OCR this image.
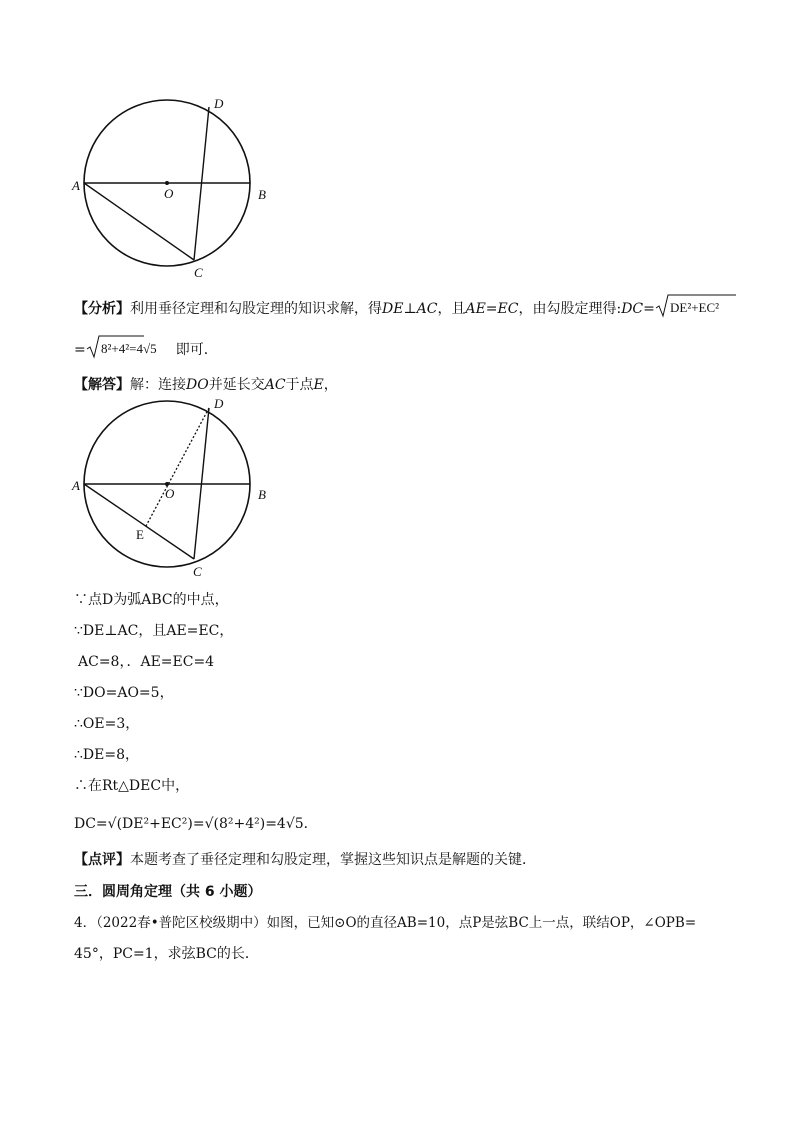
A
B
C
D
O
【分析】利用垂径定理和勾股定理的知识求解，得DE⊥AC，且AE=EC，由勾股定理得:DC= DE²+EC²
= 8²+4²=4√5 即可．
【解答】解：连接DO并延长交AC于点E，
A
B
C
D
O
E
∵点D为弧ABC的中点，
∵DE⊥AC，且AE=EC，
AC=8，．AE=EC=4
∵DO=AO=5，
∴OE=3，
∴DE=8，
∴在Rt△DEC中，
DC=√(DE²+EC²)=√(8²+4²)=4√5．
【点评】本题考查了垂径定理和勾股定理，掌握这些知识点是解题的关键．
三．圆周角定理（共 6 小题）
4．（2022春•普陀区校级期中）如图，已知⊙O的直径AB=10，点P是弦BC上一点，联结OP，∠OPB=
45°，PC=1，求弦BC的长．
